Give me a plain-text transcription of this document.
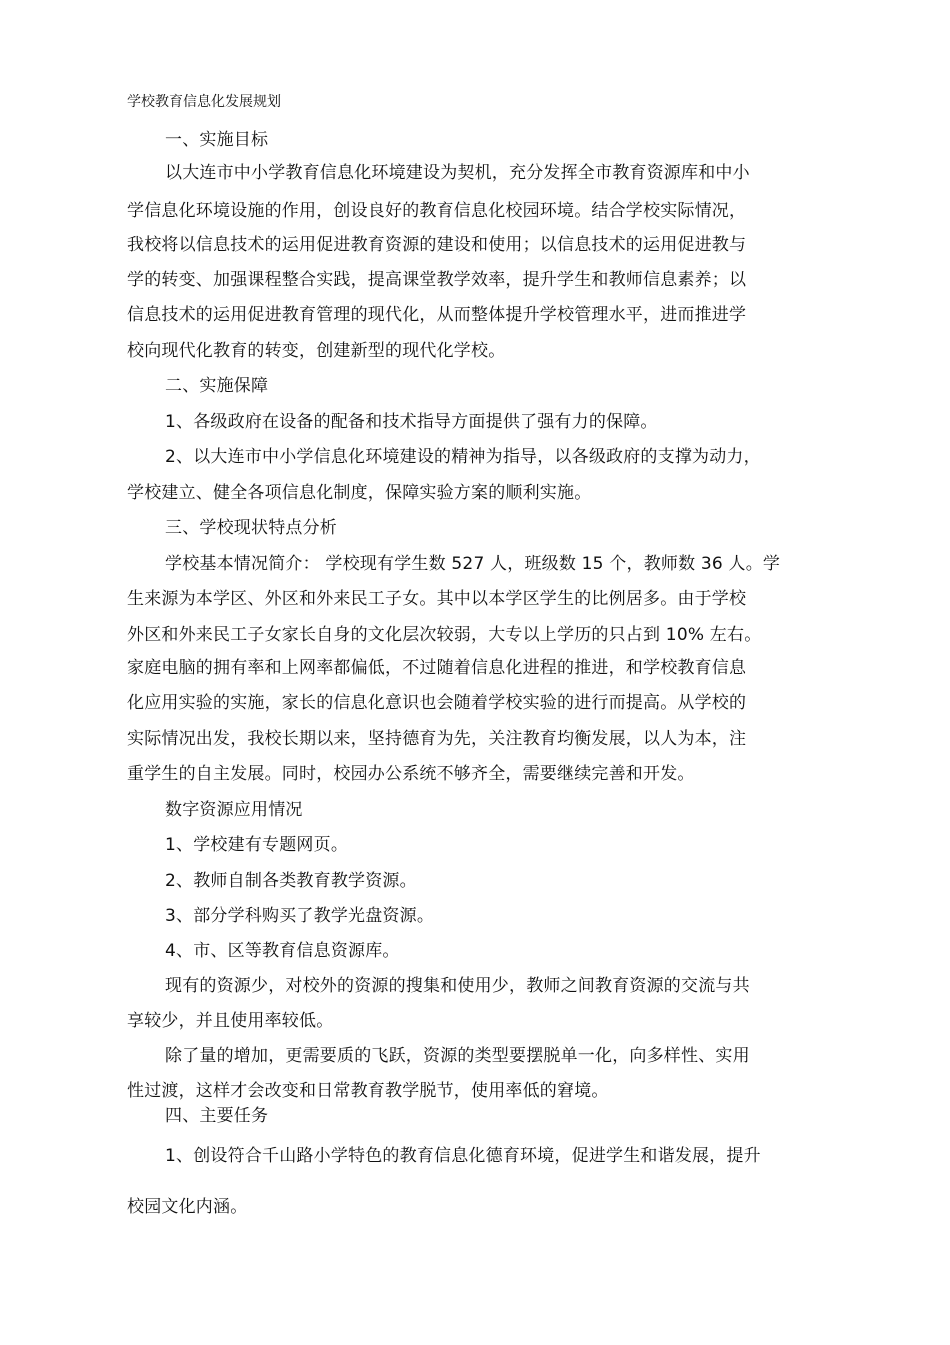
学校教育信息化发展规划
一、实施目标
以大连市中小学教育信息化环境建设为契机，充分发挥全市教育资源库和中小
学信息化环境设施的作用，创设良好的教育信息化校园环境。结合学校实际情况，
我校将以信息技术的运用促进教育资源的建设和使用；以信息技术的运用促进教与
学的转变、加强课程整合实践，提高课堂教学效率，提升学生和教师信息素养；以
信息技术的运用促进教育管理的现代化，从而整体提升学校管理水平，进而推进学
校向现代化教育的转变，创建新型的现代化学校。
二、实施保障
1、各级政府在设备的配备和技术指导方面提供了强有力的保障。
2、以大连市中小学信息化环境建设的精神为指导，以各级政府的支撑为动力，
学校建立、健全各项信息化制度，保障实验方案的顺利实施。
三、学校现状特点分析
学校基本情况简介： 学校现有学生数 527 人，班级数 15 个，教师数 36 人。学
生来源为本学区、外区和外来民工子女。其中以本学区学生的比例居多。由于学校
外区和外来民工子女家长自身的文化层次较弱，大专以上学历的只占到 10% 左右。
家庭电脑的拥有率和上网率都偏低，不过随着信息化进程的推进，和学校教育信息
化应用实验的实施，家长的信息化意识也会随着学校实验的进行而提高。从学校的
实际情况出发，我校长期以来，坚持德育为先，关注教育均衡发展，以人为本，注
重学生的自主发展。同时，校园办公系统不够齐全，需要继续完善和开发。
数字资源应用情况
1、学校建有专题网页。
2、教师自制各类教育教学资源。
3、部分学科购买了教学光盘资源。
4、市、区等教育信息资源库。
现有的资源少，对校外的资源的搜集和使用少，教师之间教育资源的交流与共
享较少，并且使用率较低。
除了量的增加，更需要质的飞跃，资源的类型要摆脱单一化，向多样性、实用
性过渡，这样才会改变和日常教育教学脱节，使用率低的窘境。
四、主要任务
1、创设符合千山路小学特色的教育信息化德育环境，促进学生和谐发展，提升
校园文化内涵。
